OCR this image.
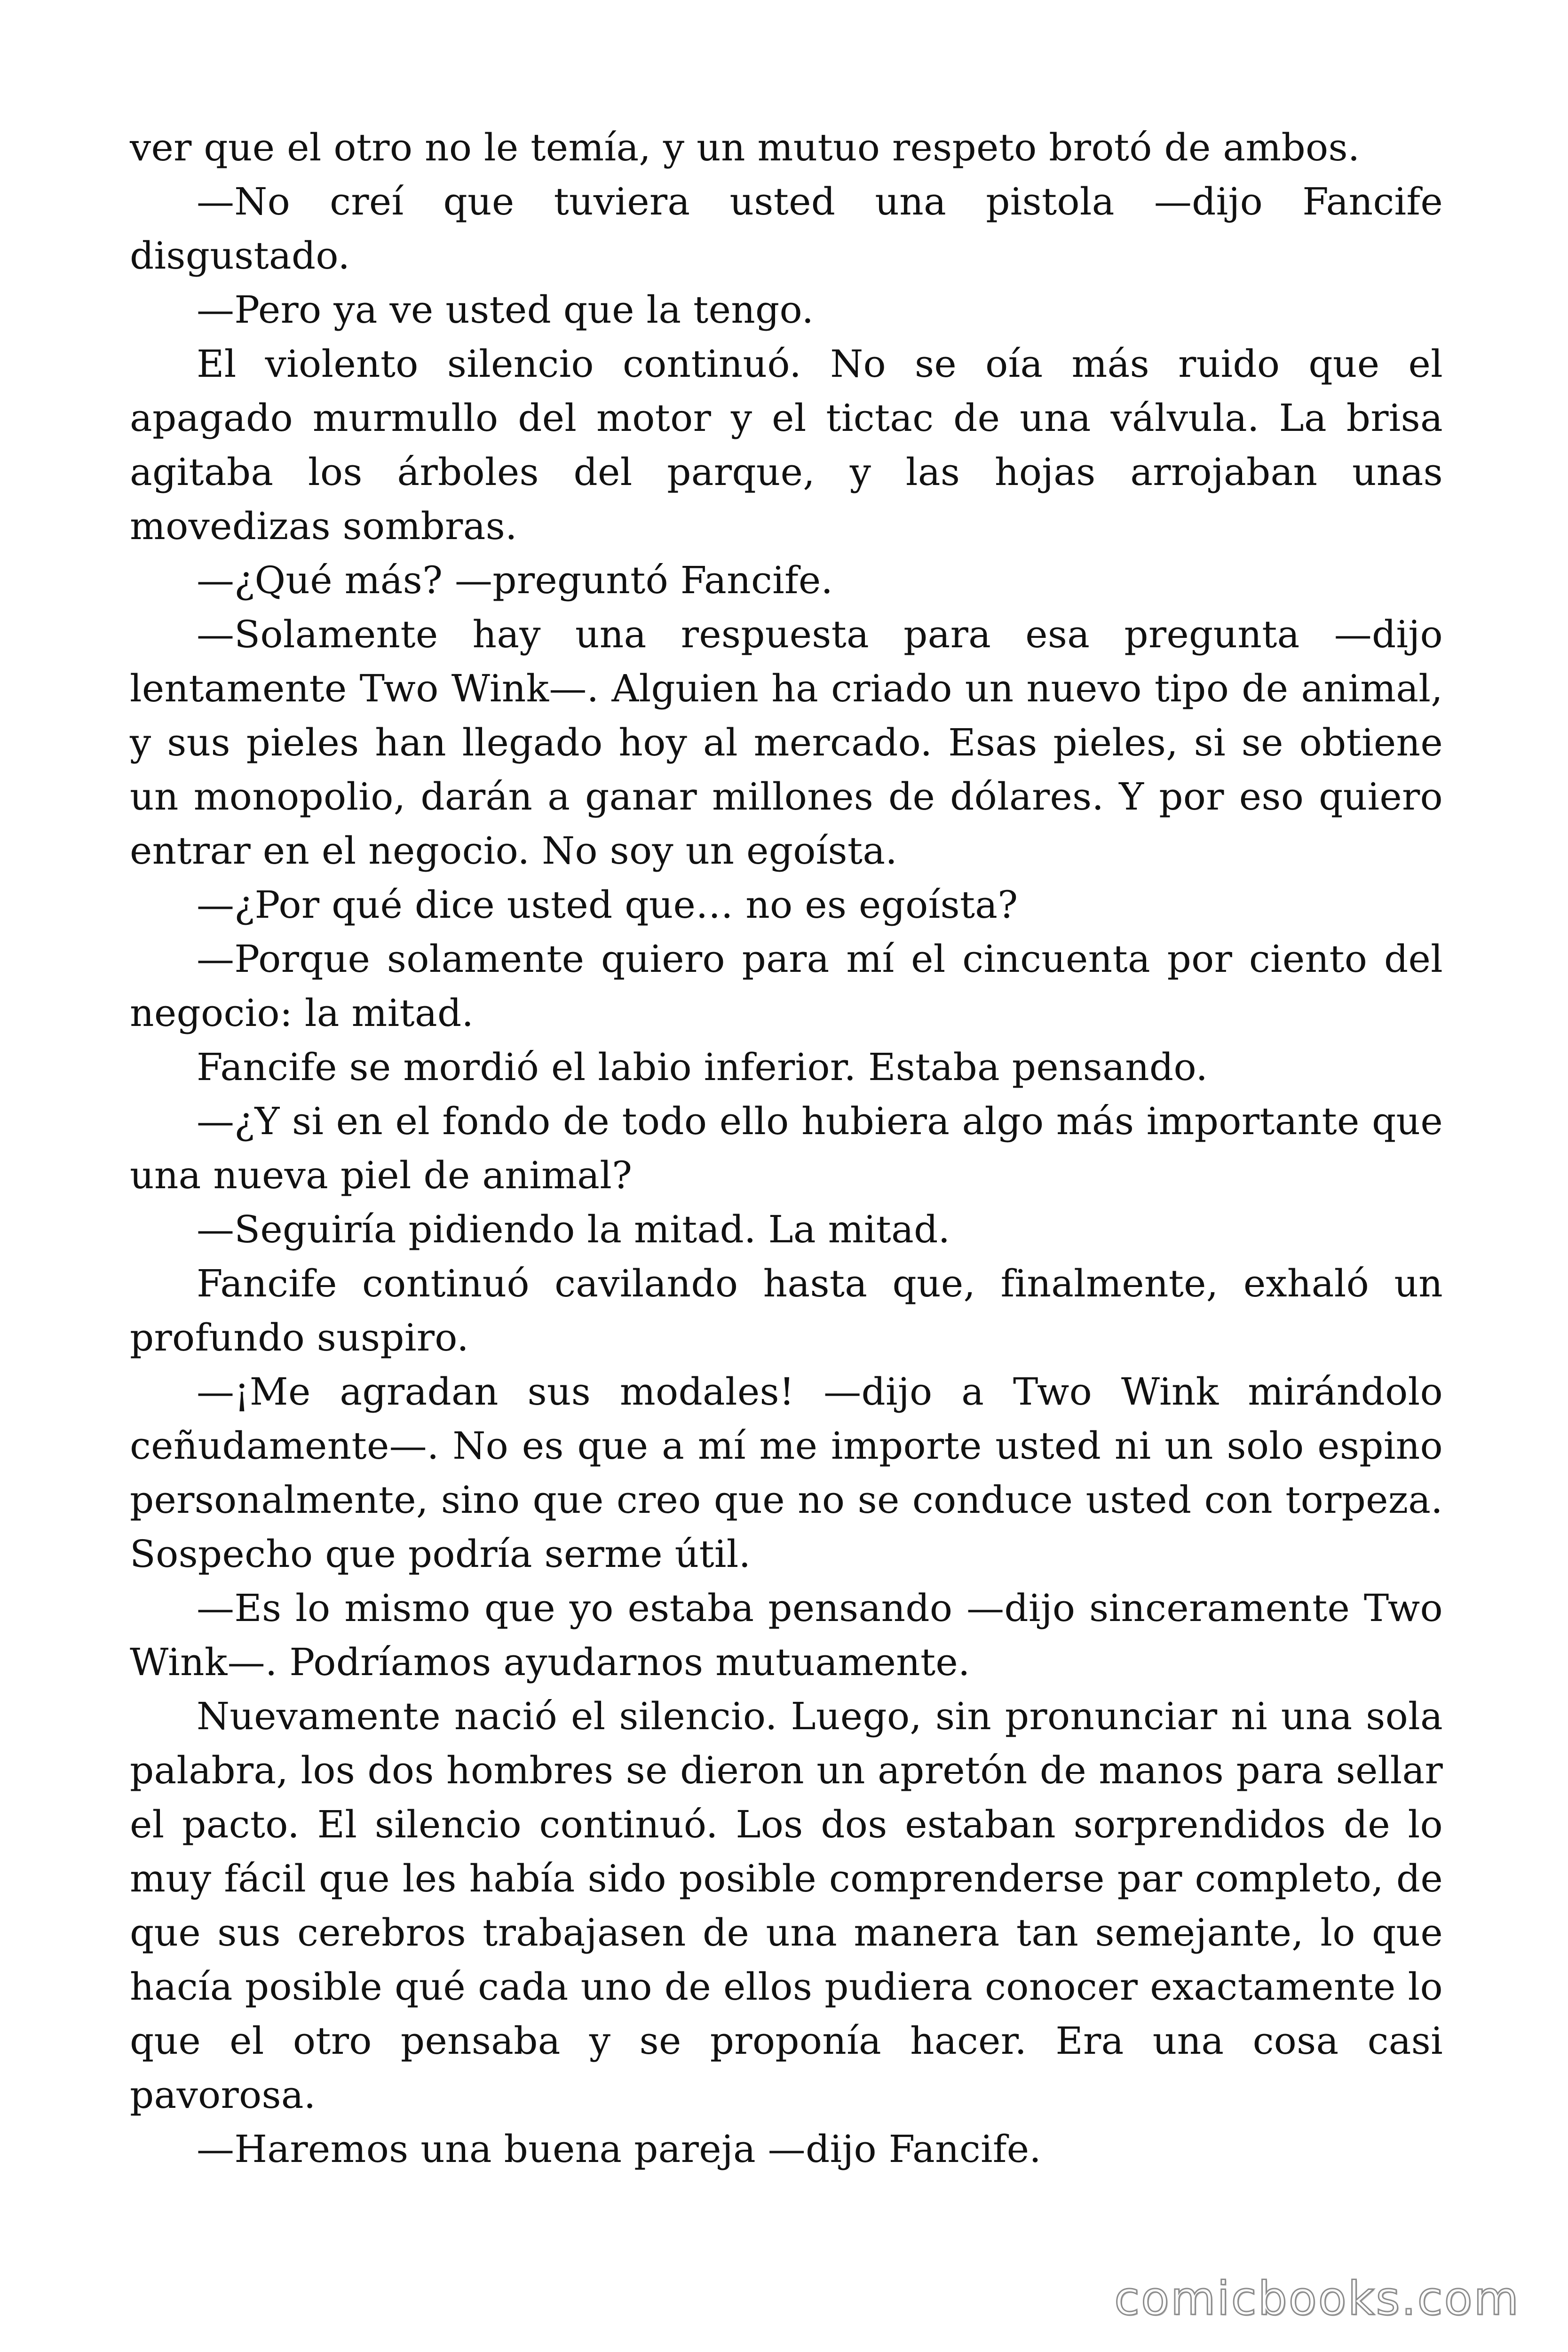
ver que el otro no le temía, y un mutuo respeto brotó de ambos.

—No creí que tuviera usted una pistola —dijo Fancife disgustado.

—Pero ya ve usted que la tengo.

El violento silencio continuó. No se oía más ruido que el apagado murmullo del motor y el tictac de una válvula. La brisa agitaba los árboles del parque, y las hojas arrojaban unas movedizas sombras.

—¿Qué más? —preguntó Fancife.

—Solamente hay una respuesta para esa pregunta —dijo lentamente Two Wink—. Alguien ha criado un nuevo tipo de animal, y sus pieles han llegado hoy al mercado. Esas pieles, si se obtiene un monopolio, darán a ganar millones de dólares. Y por eso quiero entrar en el negocio. No soy un egoísta.

—¿Por qué dice usted que… no es egoísta?

—Porque solamente quiero para mí el cincuenta por ciento del negocio: la mitad.

Fancife se mordió el labio inferior. Estaba pensando.

—¿Y si en el fondo de todo ello hubiera algo más importante que una nueva piel de animal?

—Seguiría pidiendo la mitad. La mitad.

Fancife continuó cavilando hasta que, finalmente, exhaló un profundo suspiro.

—¡Me agradan sus modales! —dijo a Two Wink mirándolo ceñudamente—. No es que a mí me importe usted ni un solo espino personalmente, sino que creo que no se conduce usted con torpeza. Sospecho que podría serme útil.

—Es lo mismo que yo estaba pensando —dijo sinceramente Two Wink—. Podríamos ayudarnos mutuamente.

Nuevamente nació el silencio. Luego, sin pronunciar ni una sola palabra, los dos hombres se dieron un apretón de manos para sellar el pacto. El silencio continuó. Los dos estaban sorprendidos de lo muy fácil que les había sido posible comprenderse par completo, de que sus cerebros trabajasen de una manera tan semejante, lo que hacía posible qué cada uno de ellos pudiera conocer exactamente lo que el otro pensaba y se proponía hacer. Era una cosa casi pavorosa.

—Haremos una buena pareja —dijo Fancife.

comicbooks.com
